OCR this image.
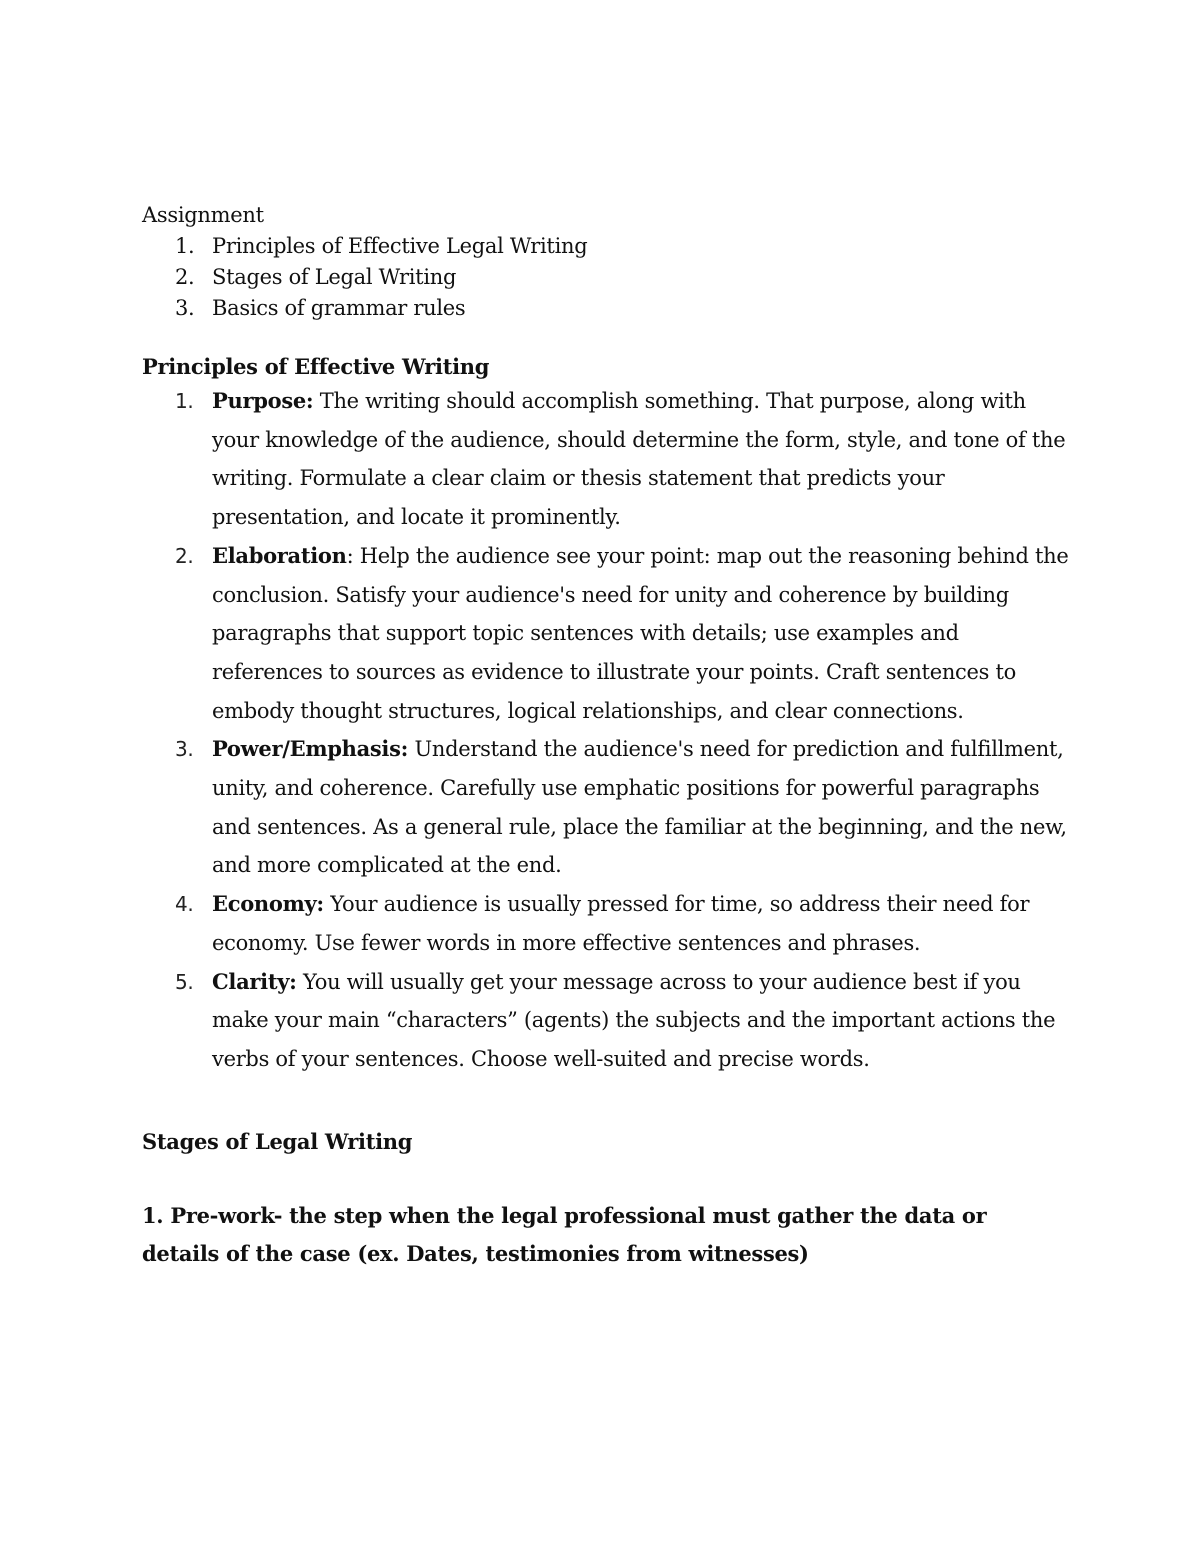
Assignment

1. Principles of Effective Legal Writing
2. Stages of Legal Writing
3. Basics of grammar rules

Principles of Effective Writing

1. Purpose: The writing should accomplish something. That purpose, along with your knowledge of the audience, should determine the form, style, and tone of the writing. Formulate a clear claim or thesis statement that predicts your presentation, and locate it prominently.
2. Elaboration: Help the audience see your point: map out the reasoning behind the conclusion. Satisfy your audience's need for unity and coherence by building paragraphs that support topic sentences with details; use examples and references to sources as evidence to illustrate your points. Craft sentences to embody thought structures, logical relationships, and clear connections.
3. Power/Emphasis: Understand the audience's need for prediction and fulfillment, unity, and coherence. Carefully use emphatic positions for powerful paragraphs and sentences. As a general rule, place the familiar at the beginning, and the new, and more complicated at the end.
4. Economy: Your audience is usually pressed for time, so address their need for economy. Use fewer words in more effective sentences and phrases.
5. Clarity: You will usually get your message across to your audience best if you make your main “characters” (agents) the subjects and the important actions the verbs of your sentences. Choose well-suited and precise words.

Stages of Legal Writing

1. Pre-work- the step when the legal professional must gather the data or details of the case (ex. Dates, testimonies from witnesses)
